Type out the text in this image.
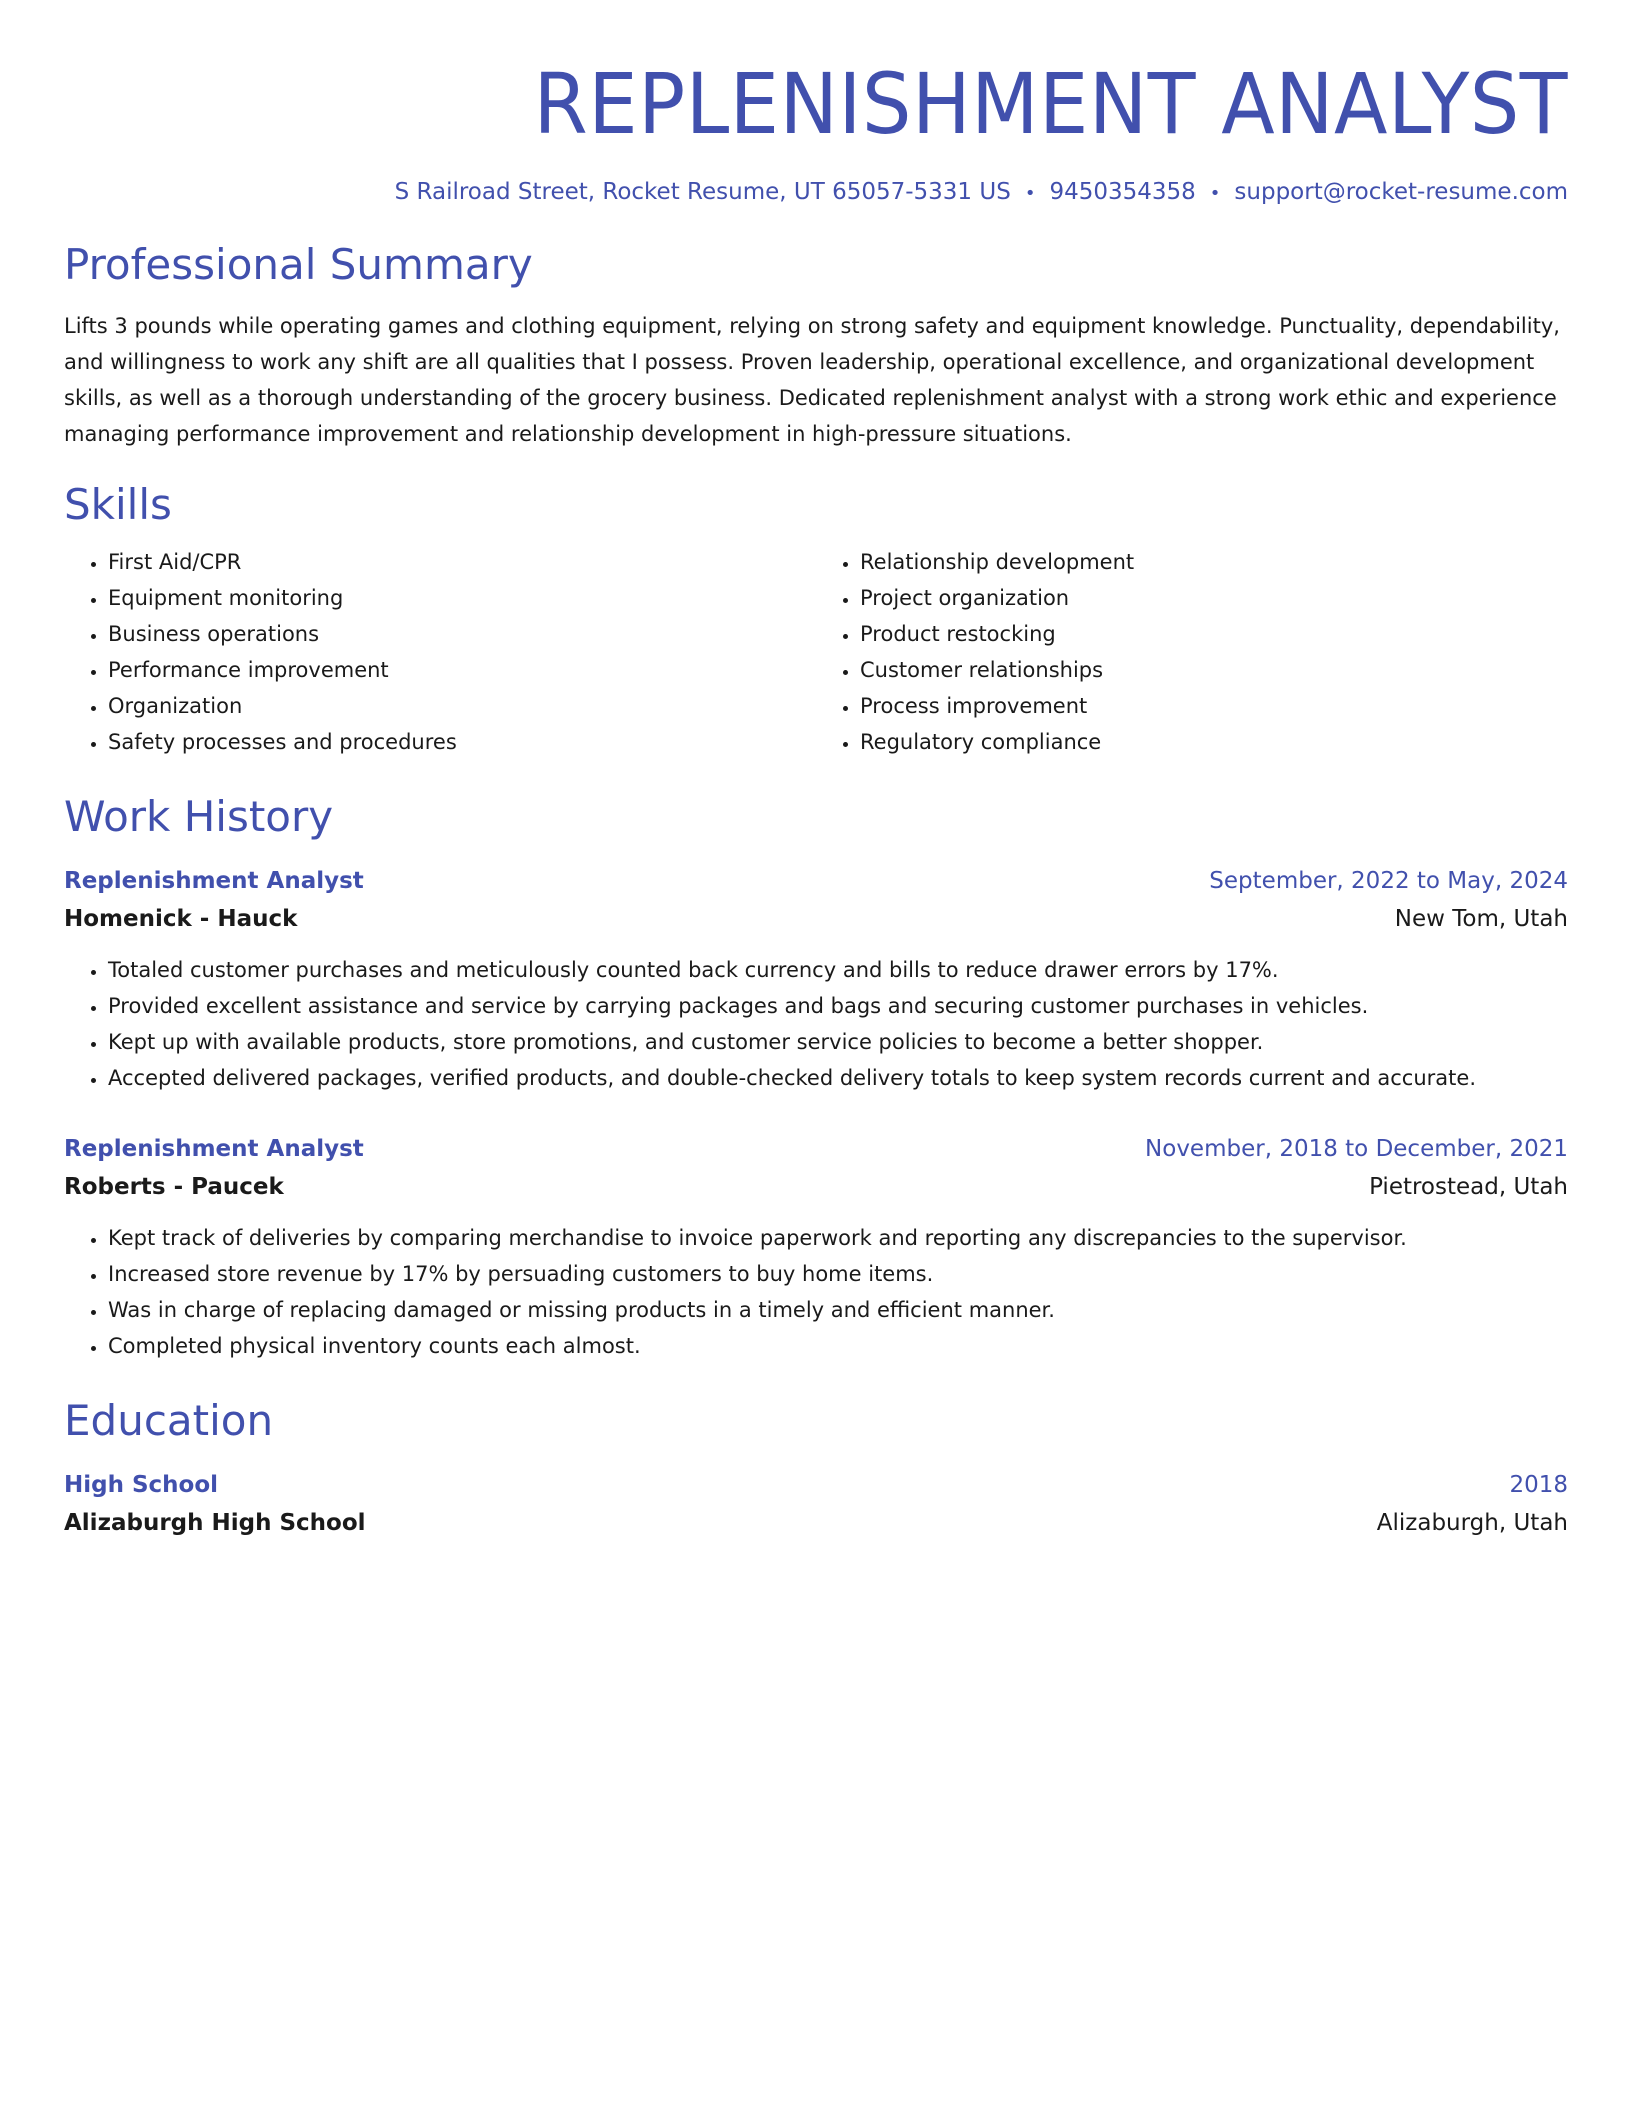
REPLENISHMENT ANALYST
S Railroad Street, Rocket Resume, UT 65057-5331 US • 9450354358 • support@rocket-resume.com
Professional Summary

Lifts 3 pounds while operating games and clothing equipment, relying on strong safety and equipment knowledge. Punctuality, dependability, and willingness to work any shift are all qualities that I possess. Proven leadership, operational excellence, and organizational development skills, as well as a thorough understanding of the grocery business. Dedicated replenishment analyst with a strong work ethic and experience managing performance improvement and relationship development in high-pressure situations.

Skills
• First Aid/CPR
• Equipment monitoring
• Business operations
• Performance improvement
• Organization
• Safety processes and procedures
• Relationship development
• Project organization
• Product restocking
• Customer relationships
• Process improvement
• Regulatory compliance
Work History
Replenishment Analyst	September, 2022 to May, 2024
Homenick - Hauck	New Tom, Utah
• Totaled customer purchases and meticulously counted back currency and bills to reduce drawer errors by 17%.
• Provided excellent assistance and service by carrying packages and bags and securing customer purchases in vehicles.
• Kept up with available products, store promotions, and customer service policies to become a better shopper.
• Accepted delivered packages, verified products, and double-checked delivery totals to keep system records current and accurate.
Replenishment Analyst	November, 2018 to December, 2021
Roberts - Paucek	Pietrostead, Utah
• Kept track of deliveries by comparing merchandise to invoice paperwork and reporting any discrepancies to the supervisor.
• Increased store revenue by 17% by persuading customers to buy home items.
• Was in charge of replacing damaged or missing products in a timely and efficient manner.
• Completed physical inventory counts each almost.
Education
High School	2018
Alizaburgh High School	Alizaburgh, Utah
